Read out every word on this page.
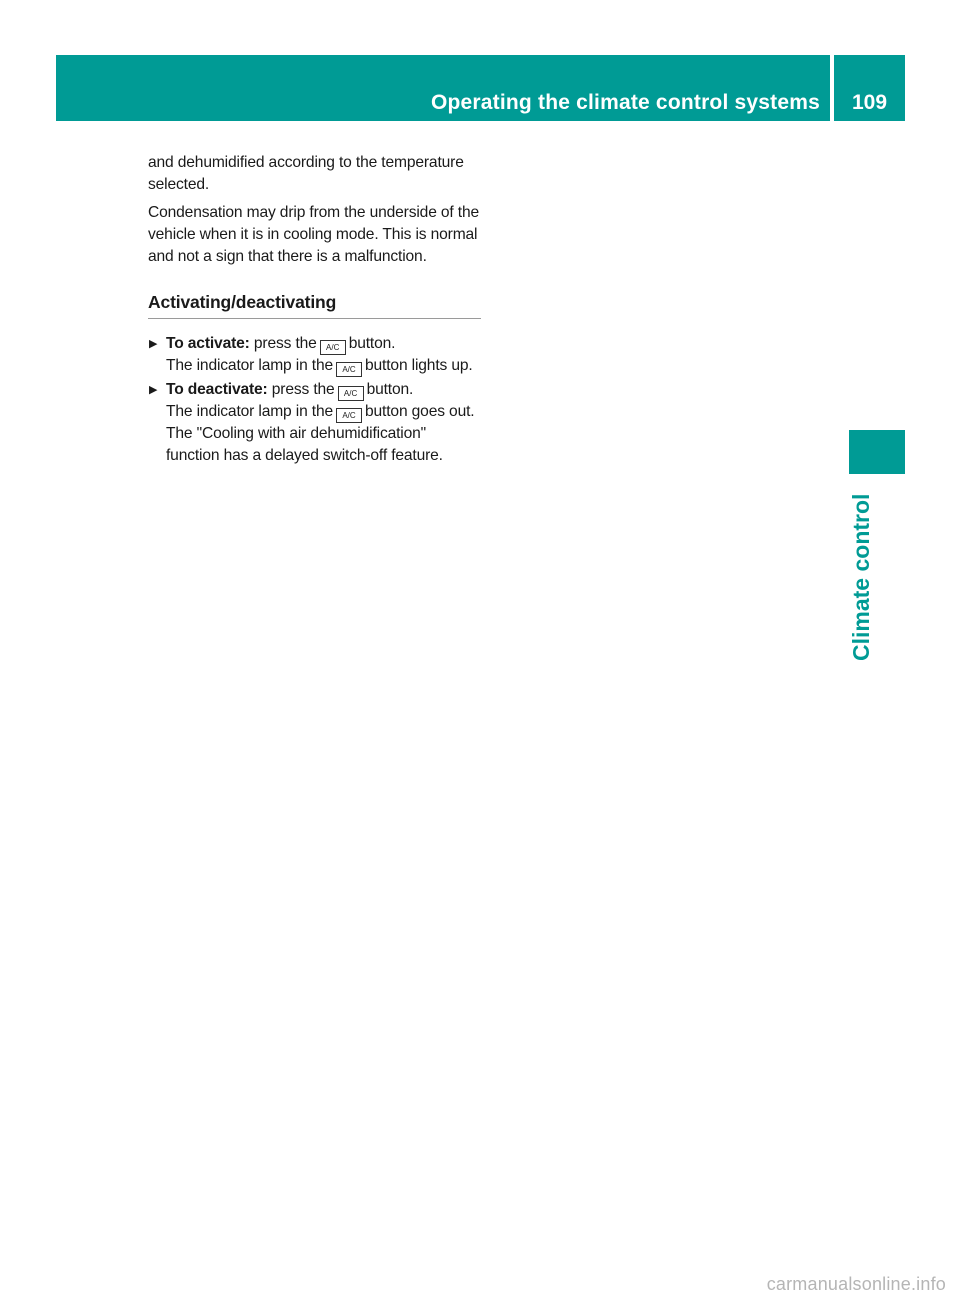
Operating the climate control systems	109

and dehumidified according to the temperature selected.

Condensation may drip from the underside of the vehicle when it is in cooling mode. This is normal and not a sign that there is a malfunction.

Activating/deactivating
▶ To activate: press the A/C button.
The indicator lamp in the A/C button lights up.
▶ To deactivate: press the A/C button.
The indicator lamp in the A/C button goes out. The "Cooling with air dehumidification" function has a delayed switch-off feature.
Climate control
carmanualsonline.info
